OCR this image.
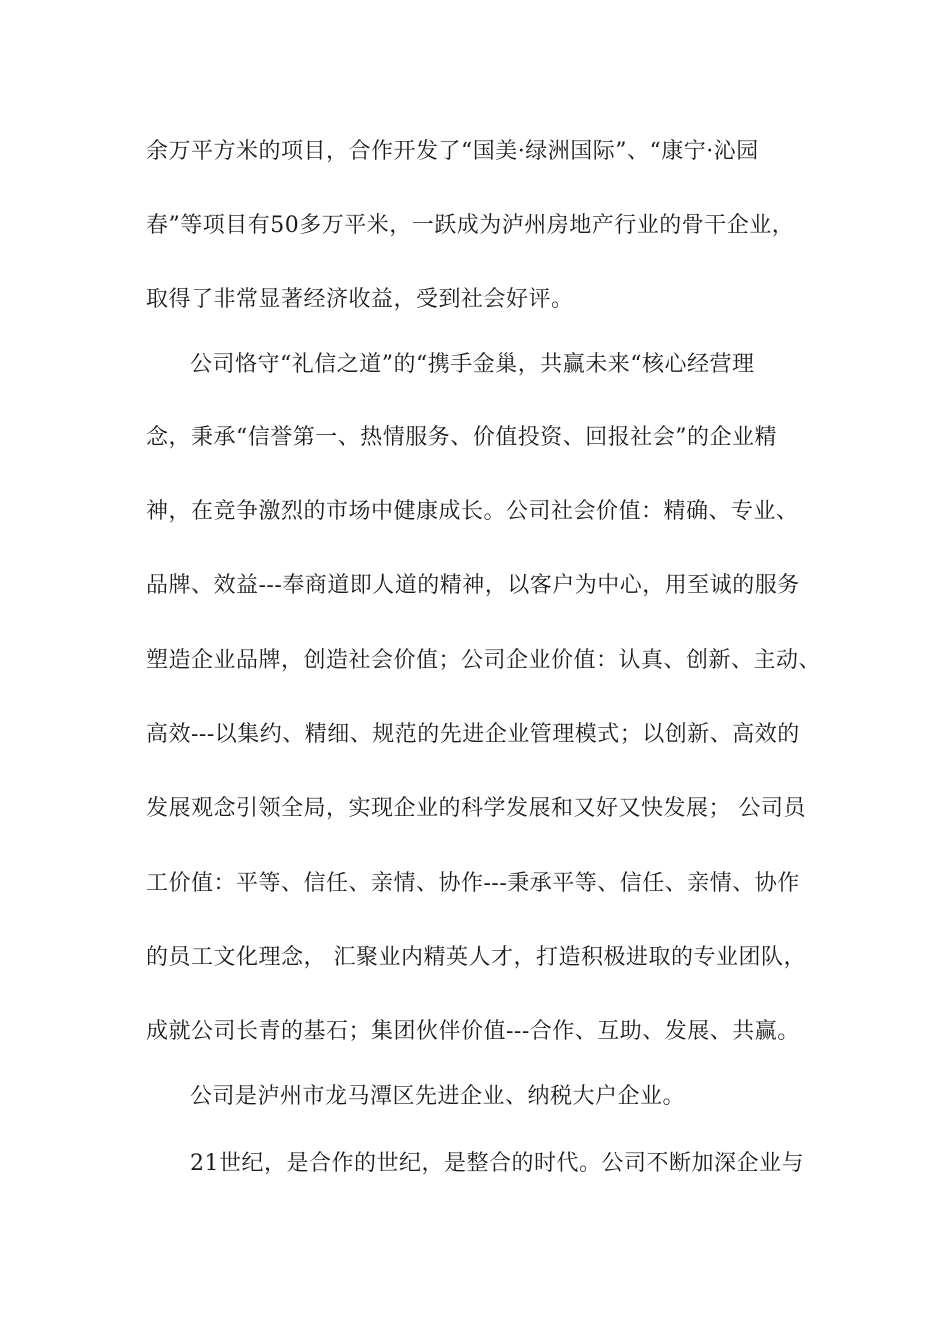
余万平方米的项目，合作开发了“国美·绿洲国际”、“康宁·沁园
春”等项目有50多万平米，一跃成为泸州房地产行业的骨干企业，
取得了非常显著经济收益，受到社会好评。
公司恪守“礼信之道”的“携手金巢，共赢未来“核心经营理
念，秉承“信誉第一、热情服务、价值投资、回报社会”的企业精
神，在竞争激烈的市场中健康成长。公司社会价值：精确、专业、
品牌、效益---奉商道即人道的精神，以客户为中心，用至诚的服务
塑造企业品牌，创造社会价值；公司企业价值：认真、创新、主动、
高效---以集约、精细、规范的先进企业管理模式；以创新、高效的
发展观念引领全局，实现企业的科学发展和又好又快发展； 公司员
工价值：平等、信任、亲情、协作---秉承平等、信任、亲情、协作
的员工文化理念， 汇聚业内精英人才，打造积极进取的专业团队，
成就公司长青的基石；集团伙伴价值---合作、互助、发展、共赢。
公司是泸州市龙马潭区先进企业、纳税大户企业。
21世纪，是合作的世纪，是整合的时代。公司不断加深企业与
